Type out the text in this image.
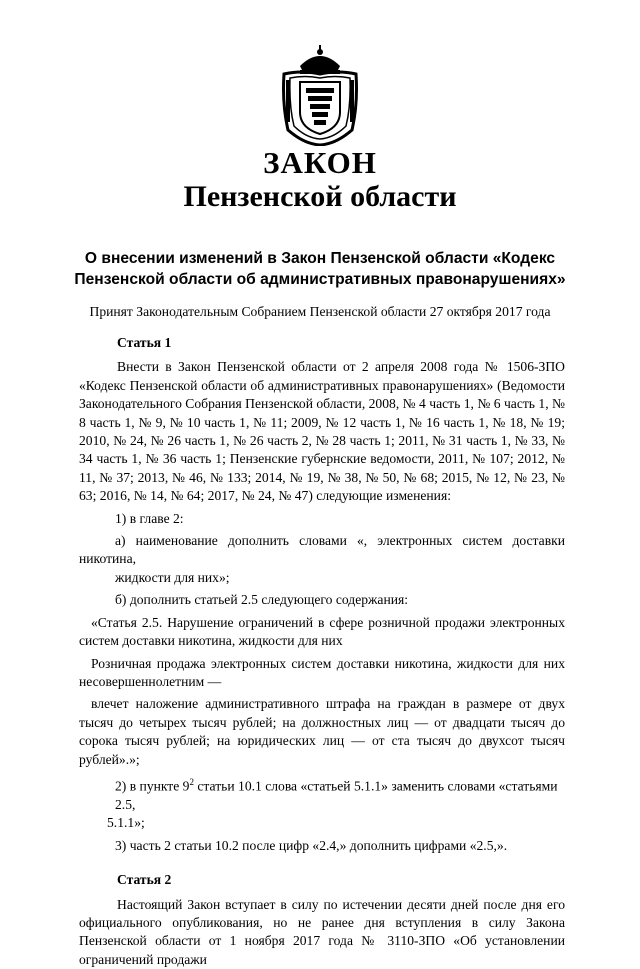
ЗАКОН
Пензенской области
О внесении изменений в Закон Пензенской области «Кодекс
Пензенской области об административных правонарушениях»
Принят Законодательным Собранием Пензенской области 27 октября 2017 года

Статья 1

Внести в Закон Пензенской области от 2 апреля 2008 года № 1506-ЗПО «Кодекс Пензенской области об административных правонарушениях» (Ведомости Законодательного Собрания Пензенской области, 2008, № 4 часть 1, № 6 часть 1, № 8 часть 1, № 9, № 10 часть 1, № 11; 2009, № 12 часть 1, № 16 часть 1, № 18, № 19; 2010, № 24, № 26 часть 1, № 26 часть 2, № 28 часть 1; 2011, № 31 часть 1, № 33, № 34 часть 1, № 36 часть 1; Пензенские губернские ведомости, 2011, № 107; 2012, № 11, № 37; 2013, № 46, № 133; 2014, № 19, № 38, № 50, № 68; 2015, № 12, № 23, № 63; 2016, № 14, № 64; 2017, № 24, № 47) следующие изменения:

1) в главе 2:

а) наименование дополнить словами «, электронных систем доставки никотина,

жидкости для них»;

б) дополнить статьей 2.5 следующего содержания:

«Статья 2.5. Нарушение ограничений в сфере розничной продажи электронных систем доставки никотина, жидкости для них

Розничная продажа электронных систем доставки никотина, жидкости для них несовершеннолетним —

влечет наложение административного штрафа на граждан в размере от двух тысяч до четырех тысяч рублей; на должностных лиц — от двадцати тысяч до сорока тысяч рублей; на юридических лиц — от ста тысяч до двухсот тысяч рублей».»;

2) в пункте $9^2$ статьи 10.1 слова «статьей 5.1.1» заменить словами «статьями 2.5,

5.1.1»;

3) часть 2 статьи 10.2 после цифр «2.4,» дополнить цифрами «2.5,».

Статья 2

Настоящий Закон вступает в силу по истечении десяти дней после дня его официального опубликования, но не ранее дня вступления в силу Закона Пензенской области от 1 ноября 2017 года № 3110-ЗПО «Об установлении ограничений продажи
